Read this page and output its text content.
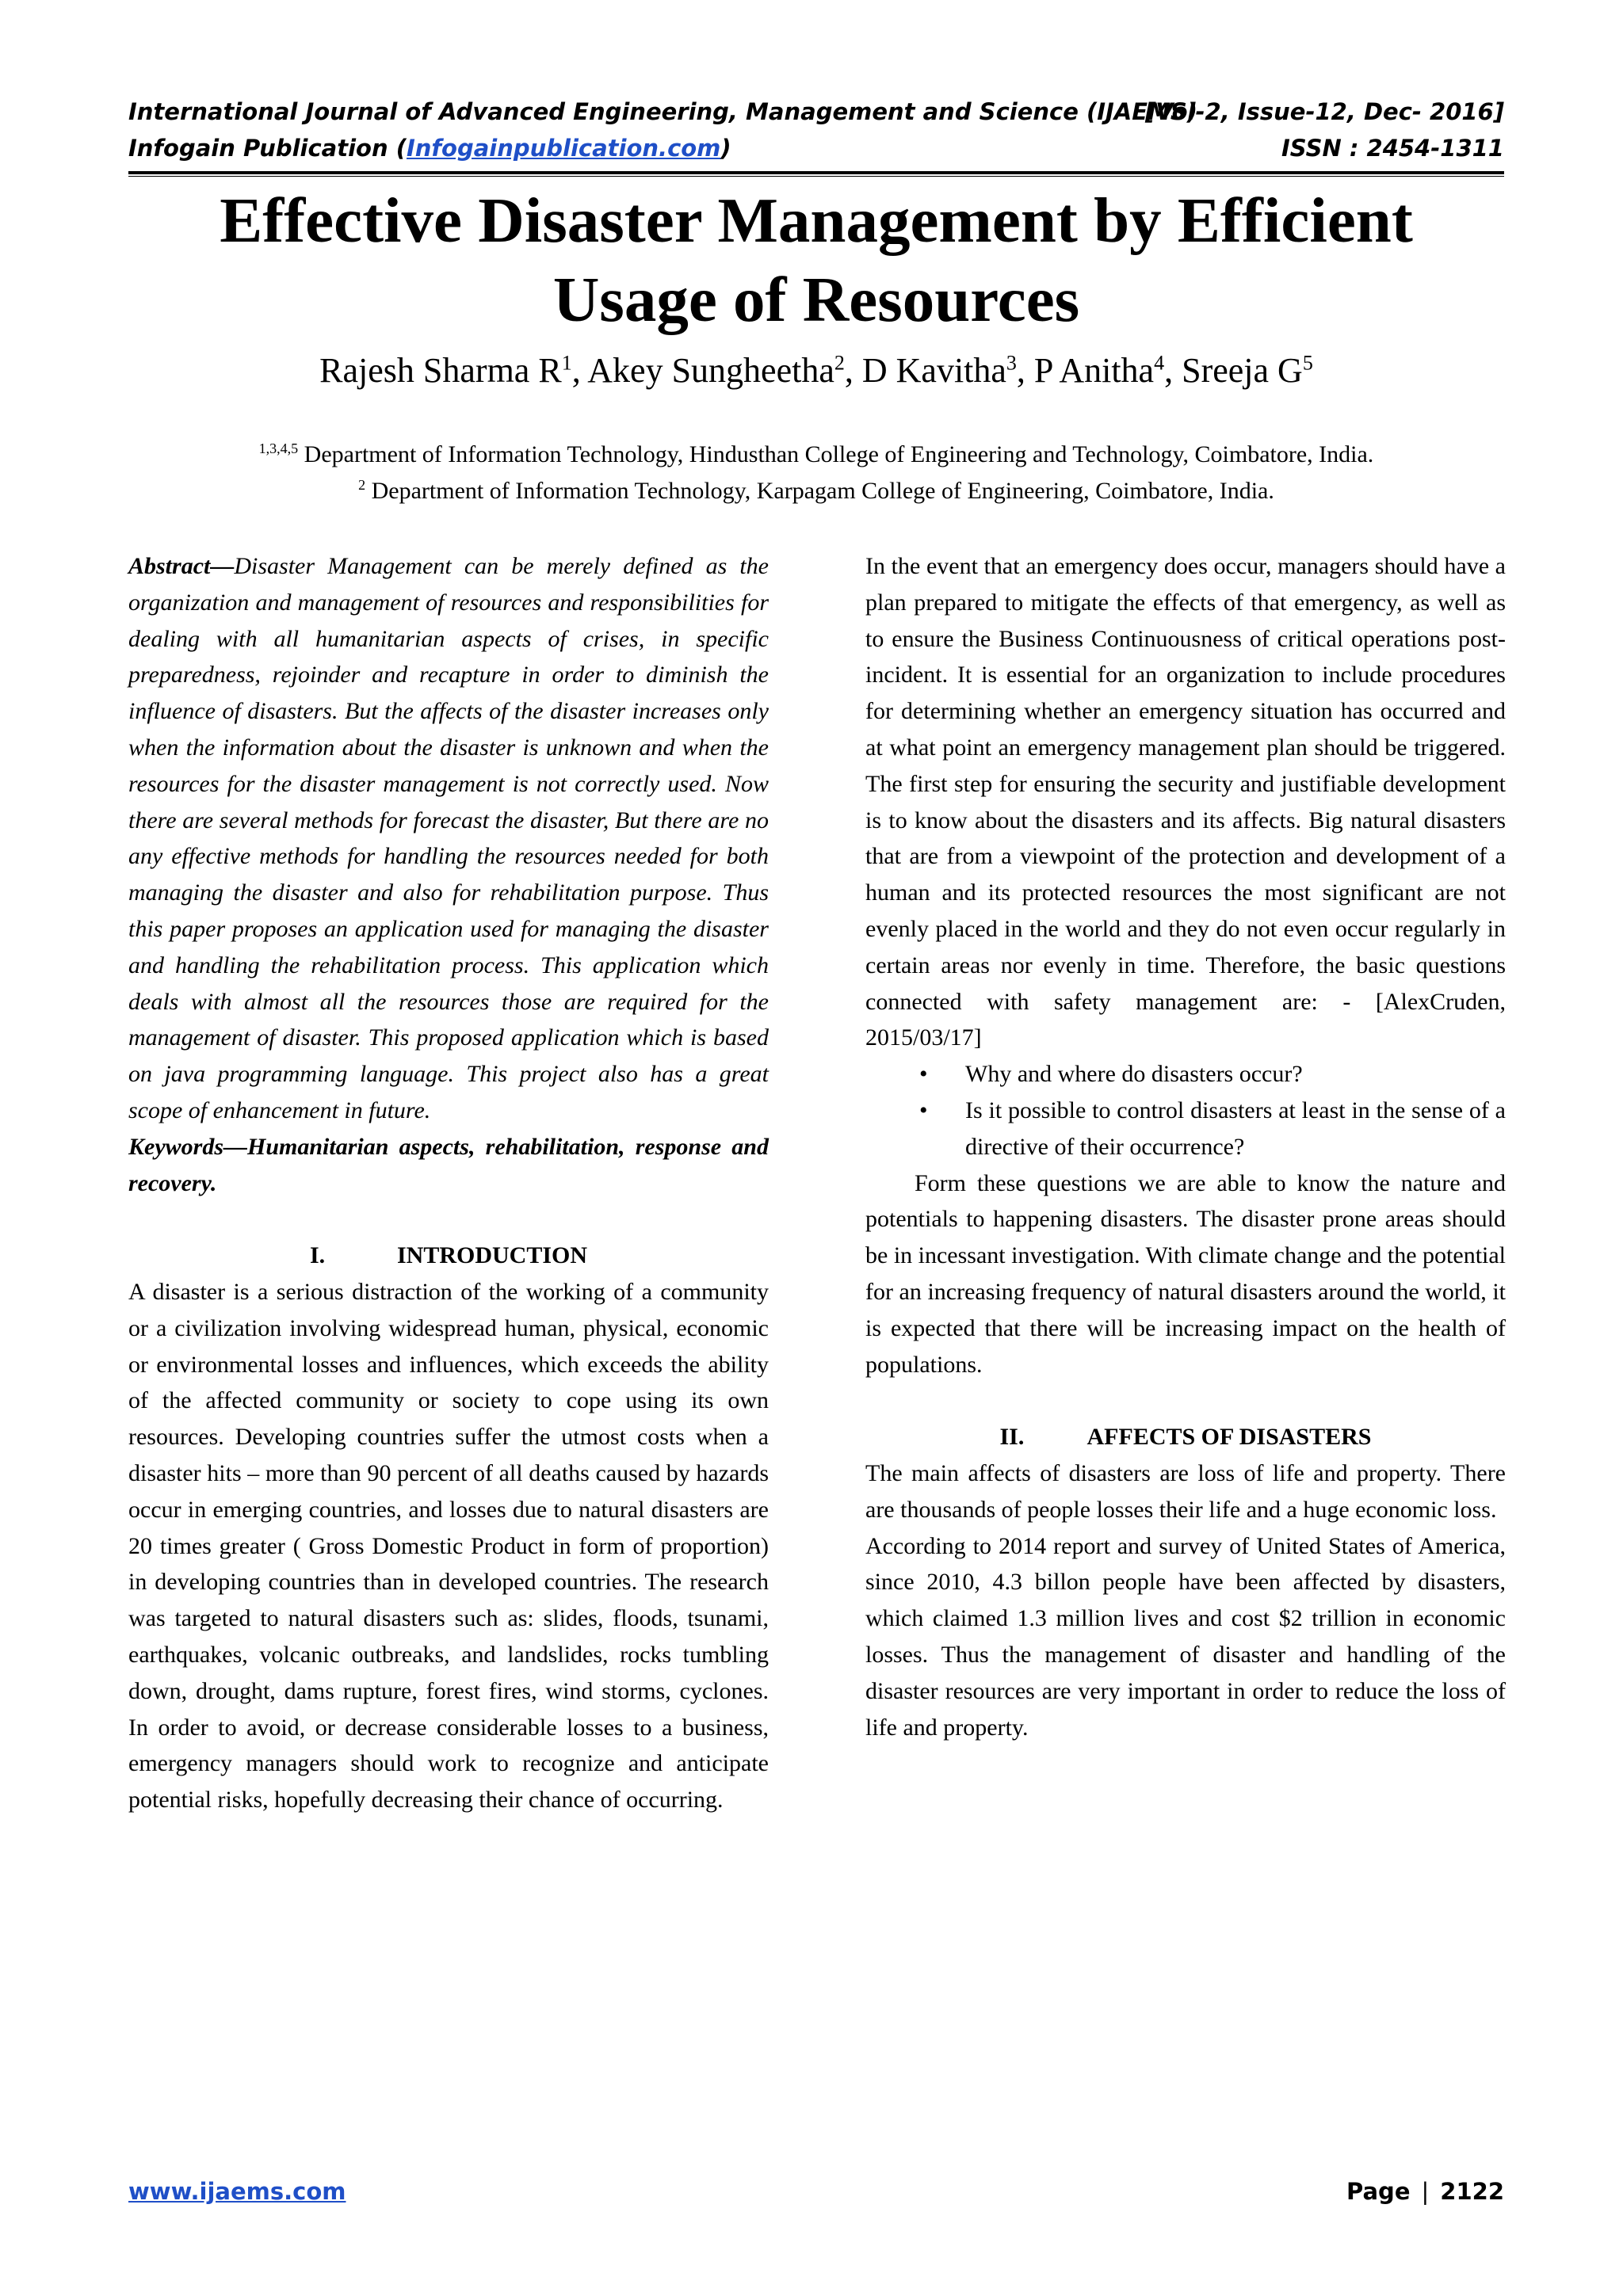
International Journal of Advanced Engineering, Management and Science (IJAEMS)
[Vol-2, Issue-12, Dec- 2016]
Infogain Publication (Infogainpublication.com)	ISSN : 2454-1311
Effective Disaster Management by Efficient
Usage of Resources
Rajesh Sharma $R^1$, Akey Sungheetha$^2$, D Kavitha$^3$, P Anitha$^4$, Sreeja $G^5$
$^{1,3,4,5}$ Department of Information Technology, Hindusthan College of Engineering and Technology, Coimbatore, India.
$^2$ Department of Information Technology, Karpagam College of Engineering, Coimbatore, India.

Abstract—Disaster Management can be merely defined as the organization and management of resources and responsibilities for dealing with all humanitarian aspects of crises, in specific preparedness, rejoinder and recapture in order to diminish the influence of disasters. But the affects of the disaster increases only when the information about the disaster is unknown and when the resources for the disaster management is not correctly used. Now there are several methods for forecast the disaster, But there are no any effective methods for handling the resources needed for both managing the disaster and also for rehabilitation purpose. Thus this paper proposes an application used for managing the disaster and handling the rehabilitation process. This application which deals with almost all the resources those are required for the management of disaster. This proposed application which is based on java programming language. This project also has a great scope of enhancement in future.

Keywords—Humanitarian aspects, rehabilitation, response and recovery.

I.	INTRODUCTION

A disaster is a serious distraction of the working of a community or a civilization involving widespread human, physical, economic or environmental losses and influences, which exceeds the ability of the affected community or society to cope using its own resources. Developing countries suffer the utmost costs when a disaster hits – more than 90 percent of all deaths caused by hazards occur in emerging countries, and losses due to natural disasters are 20 times greater ( Gross Domestic Product in form of proportion) in developing countries than in developed countries. The research was targeted to natural disasters such as: slides, floods, tsunami, earthquakes, volcanic outbreaks, and landslides, rocks tumbling down, drought, dams rupture, forest fires, wind storms, cyclones. In order to avoid, or decrease considerable losses to a business, emergency managers should work to recognize and anticipate potential risks, hopefully decreasing their chance of occurring.

In the event that an emergency does occur, managers should have a plan prepared to mitigate the effects of that emergency, as well as to ensure the Business Continuousness of critical operations post-incident. It is essential for an organization to include procedures for determining whether an emergency situation has occurred and at what point an emergency management plan should be triggered. The first step for ensuring the security and justifiable development is to know about the disasters and its affects. Big natural disasters that are from a viewpoint of the protection and development of a human and its protected resources the most significant are not evenly placed in the world and they do not even occur regularly in certain areas nor evenly in time. Therefore, the basic questions connected with safety management are: - [AlexCruden, 2015/03/17]

• Why and where do disasters occur?
• Is it possible to control disasters at least in the sense of a directive of their occurrence?

Form these questions we are able to know the nature and potentials to happening disasters. The disaster prone areas should be in incessant investigation. With climate change and the potential for an increasing frequency of natural disasters around the world, it is expected that there will be increasing impact on the health of populations.

II.	AFFECTS OF DISASTERS

The main affects of disasters are loss of life and property. There are thousands of people losses their life and a huge economic loss.

According to 2014 report and survey of United States of America, since 2010, 4.3 billon people have been affected by disasters, which claimed 1.3 million lives and cost $2 trillion in economic losses. Thus the management of disaster and handling of the disaster resources are very important in order to reduce the loss of life and property.

www.ijaems.com	Page | 2122
